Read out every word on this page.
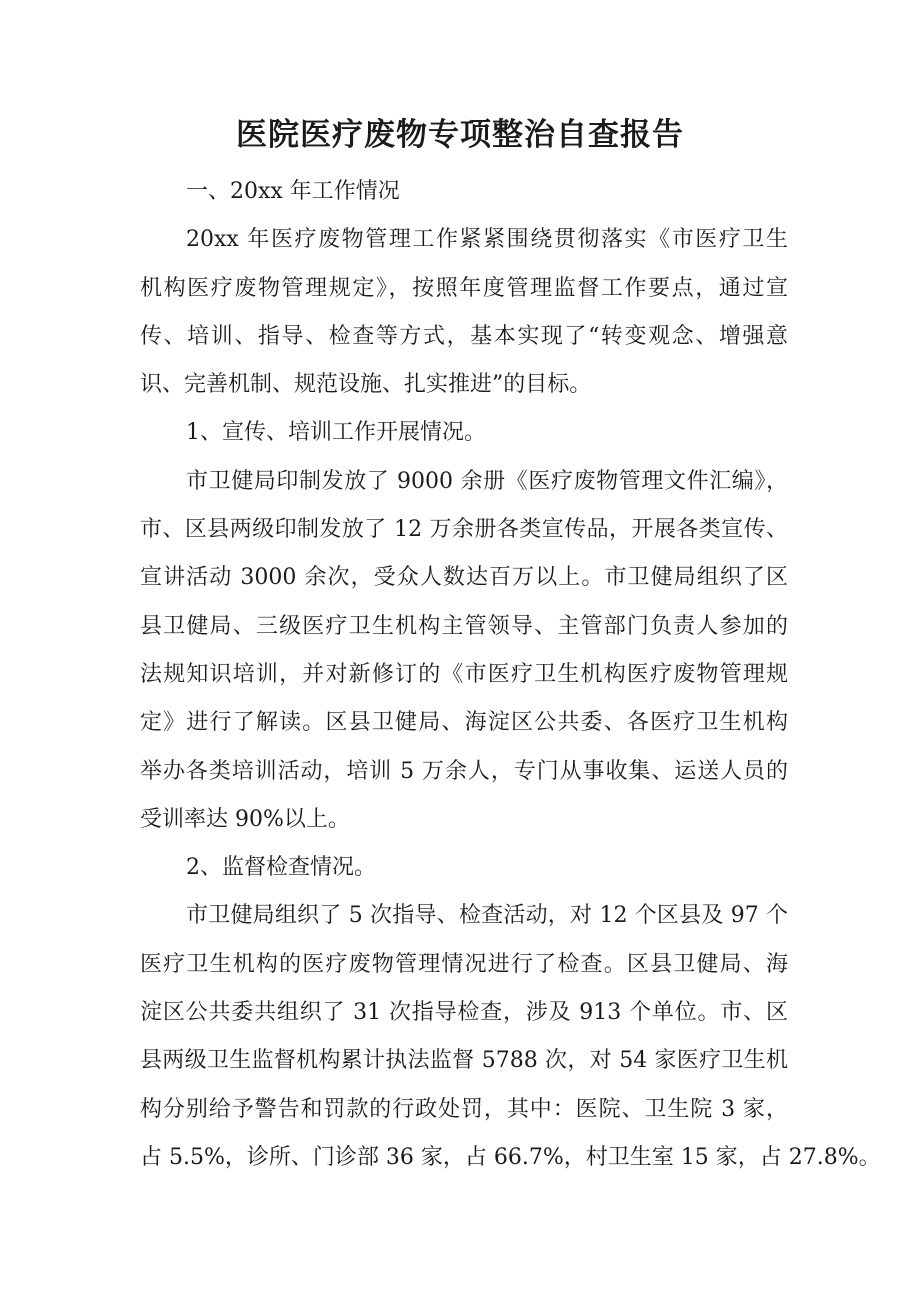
医院医疗废物专项整治自查报告
一、20xx 年工作情况
20xx 年医疗废物管理工作紧紧围绕贯彻落实《市医疗卫生
机构医疗废物管理规定》，按照年度管理监督工作要点，通过宣
传、培训、指导、检查等方式，基本实现了“转变观念、增强意
识、完善机制、规范设施、扎实推进”的目标。
1、宣传、培训工作开展情况。
市卫健局印制发放了 9000 余册《医疗废物管理文件汇编》，
市、区县两级印制发放了 12 万余册各类宣传品，开展各类宣传、
宣讲活动 3000 余次，受众人数达百万以上。市卫健局组织了区
县卫健局、三级医疗卫生机构主管领导、主管部门负责人参加的
法规知识培训，并对新修订的《市医疗卫生机构医疗废物管理规
定》进行了解读。区县卫健局、海淀区公共委、各医疗卫生机构
举办各类培训活动，培训 5 万余人，专门从事收集、运送人员的
受训率达 90%以上。
2、监督检查情况。
市卫健局组织了 5 次指导、检查活动，对 12 个区县及 97 个
医疗卫生机构的医疗废物管理情况进行了检查。区县卫健局、海
淀区公共委共组织了 31 次指导检查，涉及 913 个单位。市、区
县两级卫生监督机构累计执法监督 5788 次，对 54 家医疗卫生机
构分别给予警告和罚款的行政处罚，其中：医院、卫生院 3 家，
占 5.5%，诊所、门诊部 36 家，占 66.7%，村卫生室 15 家，占 27.8%。
